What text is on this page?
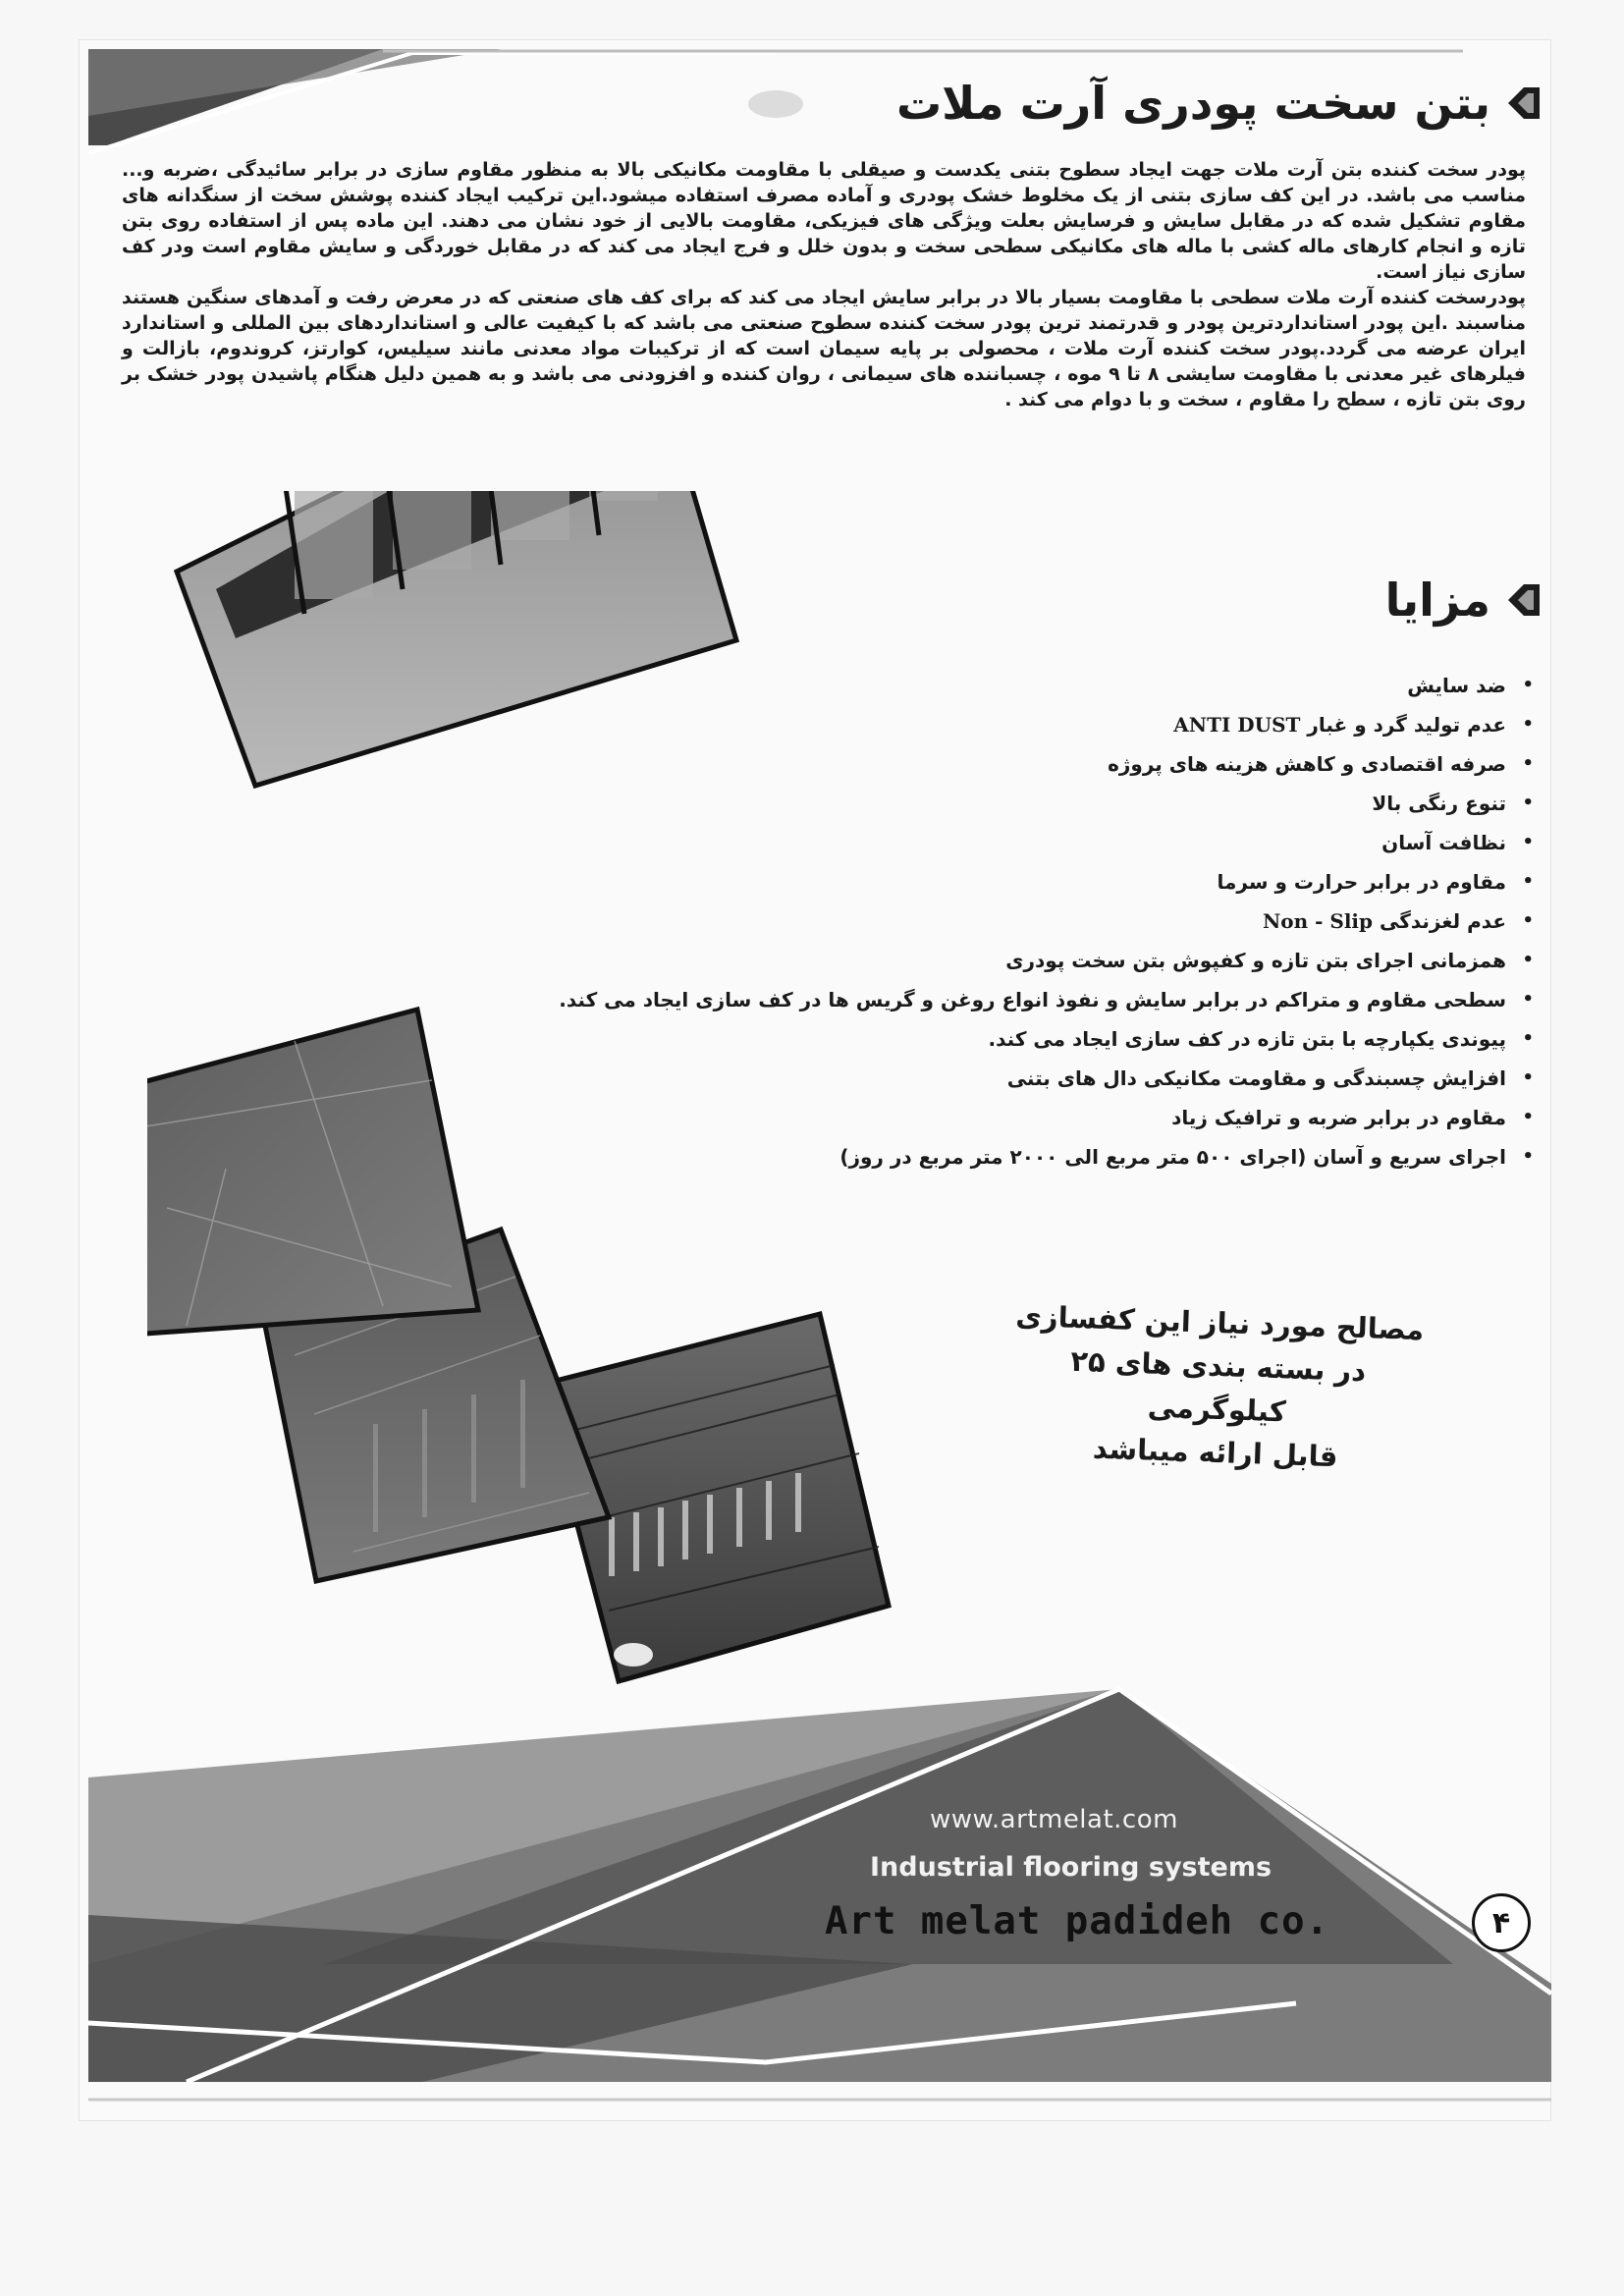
بتن سخت پودری آرت ملات

پودر سخت کننده بتن آرت ملات جهت ایجاد سطوح بتنی یکدست و صیقلی با مقاومت مکانیکی بالا به منظور مقاوم سازی در برابر سائیدگی ،ضربه و... مناسب می باشد. در این کف سازی بتنی از یک مخلوط خشک پودری و آماده مصرف استفاده میشود.این ترکیب ایجاد کننده پوشش سخت از سنگدانه های مقاوم تشکیل شده که در مقابل سایش و فرسایش بعلت ویژگی های فیزیکی، مقاومت بالایی از خود نشان می دهند. این ماده پس از استفاده روی بتن تازه و انجام کارهای ماله کشی با ماله های مکانیکی سطحی سخت و بدون خلل و فرج ایجاد می کند که در مقابل خوردگی و سایش مقاوم است ودر کف سازی نیاز است.

پودرسخت کننده آرت ملات سطحی با مقاومت بسیار بالا در برابر سایش ایجاد می کند که برای کف های صنعتی که در معرض رفت و آمدهای سنگین هستند مناسبند .این پودر استانداردترین پودر و قدرتمند ترین پودر سخت کننده سطوح صنعتی می باشد که با کیفیت عالی و استانداردهای بین المللی و استاندارد ایران عرضه می گردد.پودر سخت کننده آرت ملات ، محصولی بر پایه سیمان است که از ترکیبات مواد معدنی مانند سیلیس، کوارتز، کروندوم، بازالت و فیلرهای غیر معدنی با مقاومت سایشی ۸ تا ۹ موه ، چسباننده های سیمانی ، روان کننده و افزودنی می باشد و به همین دلیل هنگام پاشیدن پودر خشک بر روی بتن تازه ، سطح را مقاوم ، سخت و با دوام می کند .

مزایا
• ضد سایش
• عدم تولید گرد و غبار ANTI DUST
• صرفه اقتصادی و کاهش هزینه های پروژه
• تنوع رنگی بالا
• نظافت آسان
• مقاوم در برابر حرارت و سرما
• عدم لغزندگی Non - Slip
• همزمانی اجرای بتن تازه و کفپوش بتن سخت پودری
• سطحی مقاوم و متراکم در برابر سایش و نفوذ انواع روغن و گریس ها در کف سازی ایجاد می کند.
• پیوندی یکپارچه با بتن تازه در کف سازی ایجاد می کند.
• افزایش چسبندگی و مقاومت مکانیکی دال های بتنی
• مقاوم در برابر ضربه و ترافیک زیاد
• اجرای سریع و آسان (اجرای ۵۰۰ متر مربع الی ۲۰۰۰ متر مربع در روز)
مصالح مورد نیاز این کفسازی
در بسته بندی های ۲۵ کیلوگرمی
قابل ارائه میباشد
www.artmelat.com
Industrial flooring systems
Art melat padideh co.	۴
